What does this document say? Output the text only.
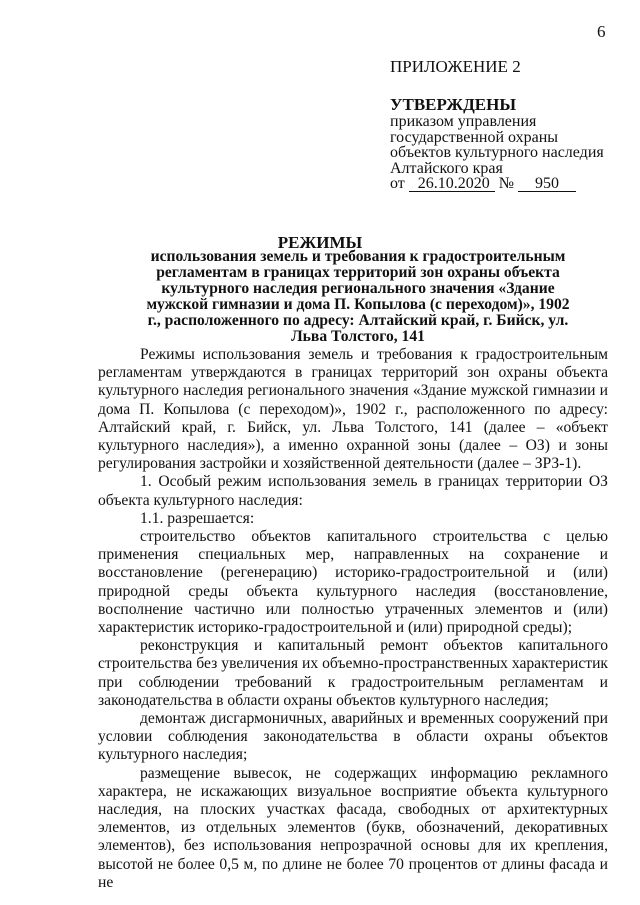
6
ПРИЛОЖЕНИЕ 2
УТВЕРЖДЕНЫ
приказом управления
государственной охраны
объектов культурного наследия
Алтайского края
от 26.10.2020 № 950
РЕЖИМЫ
использования земель и требования к градостроительным регламентам в границах территорий зон охраны объекта культурного наследия регионального значения «Здание мужской гимназии и дома П. Копылова (с переходом)», 1902 г., расположенного по адресу: Алтайский край, г. Бийск, ул. Льва Толстого, 141

Режимы использования земель и требования к градостроительным регламентам утверждаются в границах территорий зон охраны объекта культурного наследия регионального значения «Здание мужской гимназии и дома П. Копылова (с переходом)», 1902 г., расположенного по адресу: Алтайский край, г. Бийск, ул. Льва Толстого, 141 (далее – «объект культурного наследия»), а именно охранной зоны (далее – ОЗ) и зоны регулирования застройки и хозяйственной деятельности (далее – ЗРЗ-1).

1. Особый режим использования земель в границах территории ОЗ объекта культурного наследия:

1.1. разрешается:

строительство объектов капитального строительства с целью применения специальных мер, направленных на сохранение и восстановление (регенерацию) историко-градостроительной и (или) природной среды объекта культурного наследия (восстановление, восполнение частично или полностью утраченных элементов и (или) характеристик историко-градостроительной и (или) природной среды);

реконструкция и капитальный ремонт объектов капитального строительства без увеличения их объемно-пространственных характеристик при соблюдении требований к градостроительным регламентам и законодательства в области охраны объектов культурного наследия;

демонтаж дисгармоничных, аварийных и временных сооружений при условии соблюдения законодательства в области охраны объектов культурного наследия;

размещение вывесок, не содержащих информацию рекламного характера, не искажающих визуальное восприятие объекта культурного наследия, на плоских участках фасада, свободных от архитектурных элементов, из отдельных элементов (букв, обозначений, декоративных элементов), без использования непрозрачной основы для их крепления, высотой не более 0,5 м, по длине не более 70 процентов от длины фасада и не
